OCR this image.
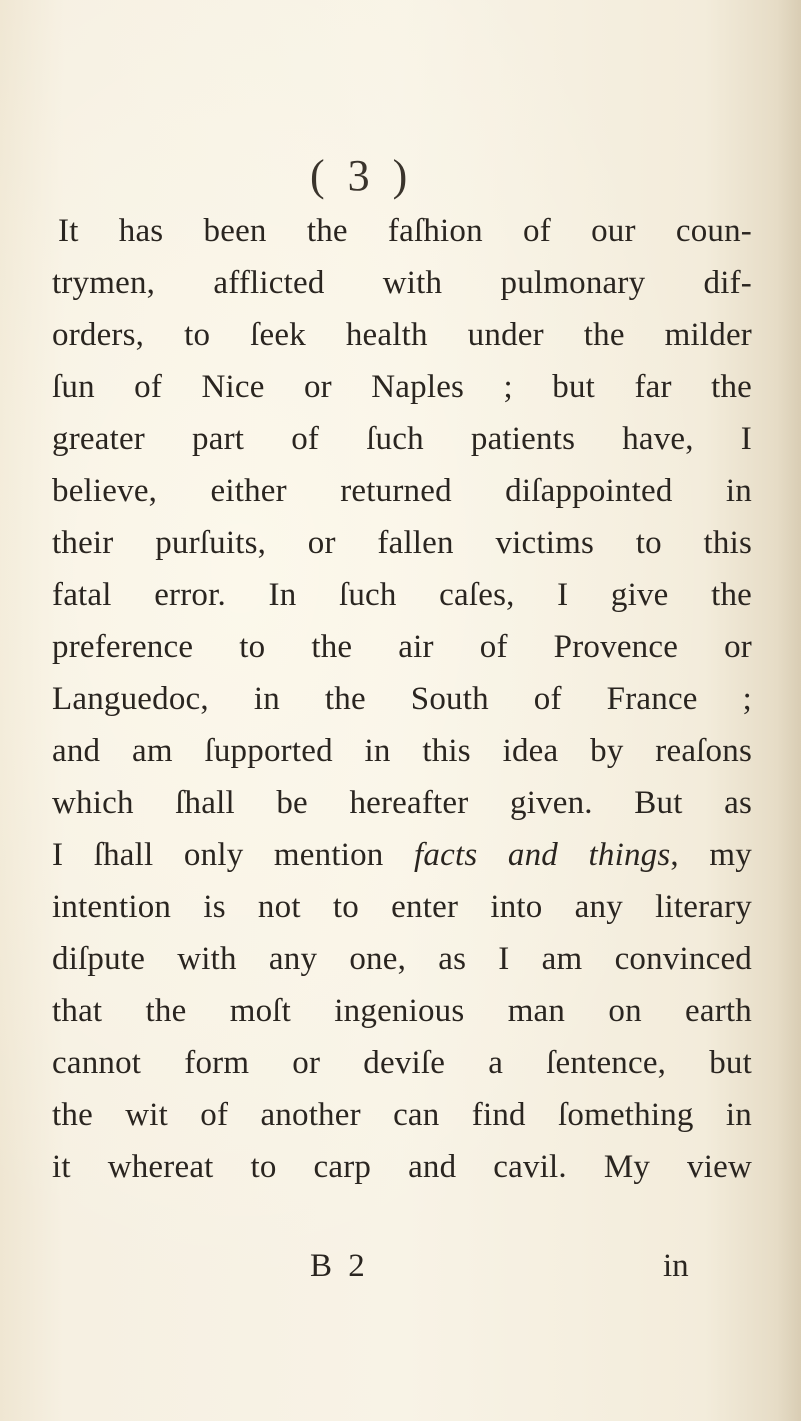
( 3 )
It has been the faſhion of our coun-
trymen, afflicted with pulmonary dif-
orders, to ſeek health under the milder
ſun of Nice or Naples ; but far the
greater part of ſuch patients have, I
believe, either returned diſappointed in
their purſuits, or fallen victims to this
fatal error. In ſuch caſes, I give the
preference to the air of Provence or
Languedoc, in the South of France ;
and am ſupported in this idea by reaſons
which ſhall be hereafter given. But as
I ſhall only mention facts and things, my
intention is not to enter into any literary
diſpute with any one, as I am convinced
that the moſt ingenious man on earth
cannot form or deviſe a ſentence, but
the wit of another can find ſomething in
it whereat to carp and cavil. My view
B 2	in
